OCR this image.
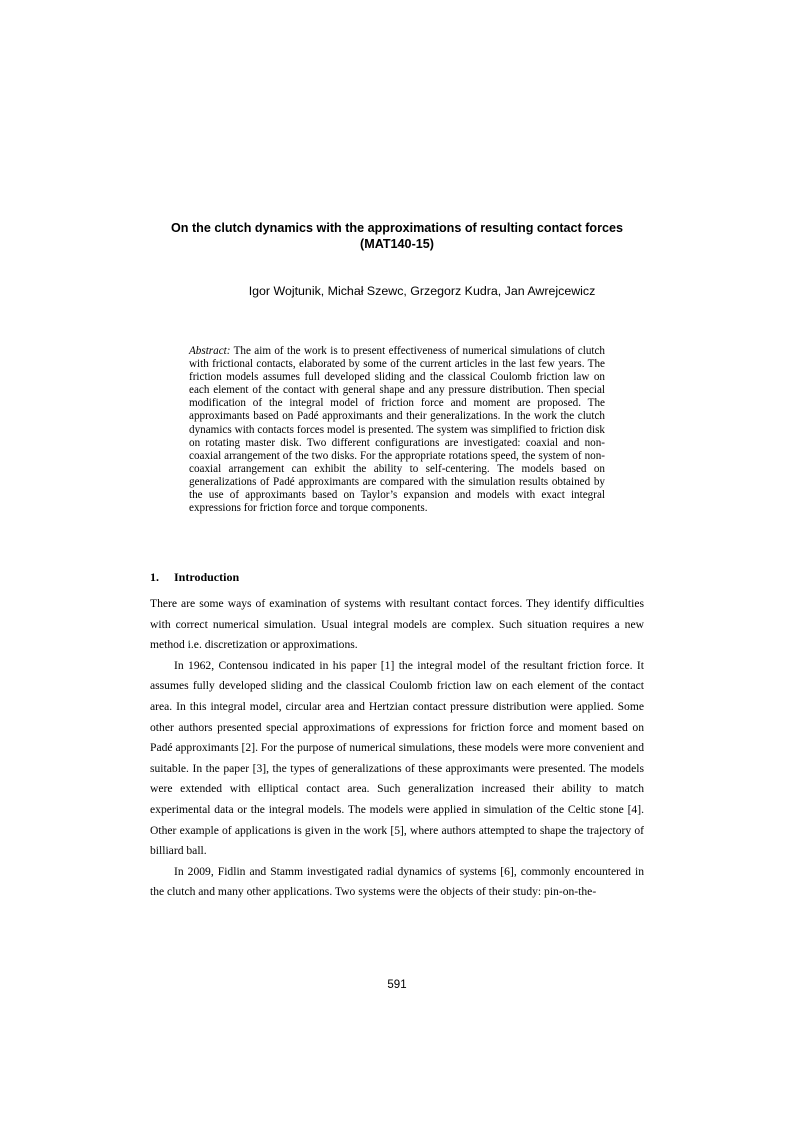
On the clutch dynamics with the approximations of resulting contact forces
(MAT140-15)

Igor Wojtunik, Michał Szewc, Grzegorz Kudra, Jan Awrejcewicz

Abstract: The aim of the work is to present effectiveness of numerical simulations of clutch with frictional contacts, elaborated by some of the current articles in the last few years. The friction models assumes full developed sliding and the classical Coulomb friction law on each element of the contact with general shape and any pressure distribution. Then special modification of the integral model of friction force and moment are proposed. The approximants based on Padé approximants and their generalizations. In the work the clutch dynamics with contacts forces model is presented. The system was simplified to friction disk on rotating master disk. Two different configurations are investigated: coaxial and non-coaxial arrangement of the two disks. For the appropriate rotations speed, the system of non-coaxial arrangement can exhibit the ability to self-centering. The models based on generalizations of Padé approximants are compared with the simulation results obtained by the use of approximants based on Taylor’s expansion and models with exact integral expressions for friction force and torque components.

1. Introduction

There are some ways of examination of systems with resultant contact forces. They identify difficulties with correct numerical simulation. Usual integral models are complex. Such situation requires a new method i.e. discretization or approximations.

In 1962, Contensou indicated in his paper [1] the integral model of the resultant friction force. It assumes fully developed sliding and the classical Coulomb friction law on each element of the contact area. In this integral model, circular area and Hertzian contact pressure distribution were applied. Some other authors presented special approximations of expressions for friction force and moment based on Padé approximants [2]. For the purpose of numerical simulations, these models were more convenient and suitable. In the paper [3], the types of generalizations of these approximants were presented. The models were extended with elliptical contact area. Such generalization increased their ability to match experimental data or the integral models. The models were applied in simulation of the Celtic stone [4]. Other example of applications is given in the work [5], where authors attempted to shape the trajectory of billiard ball.

In 2009, Fidlin and Stamm investigated radial dynamics of systems [6], commonly encountered in the clutch and many other applications. Two systems were the objects of their study: pin-on-the-

591
